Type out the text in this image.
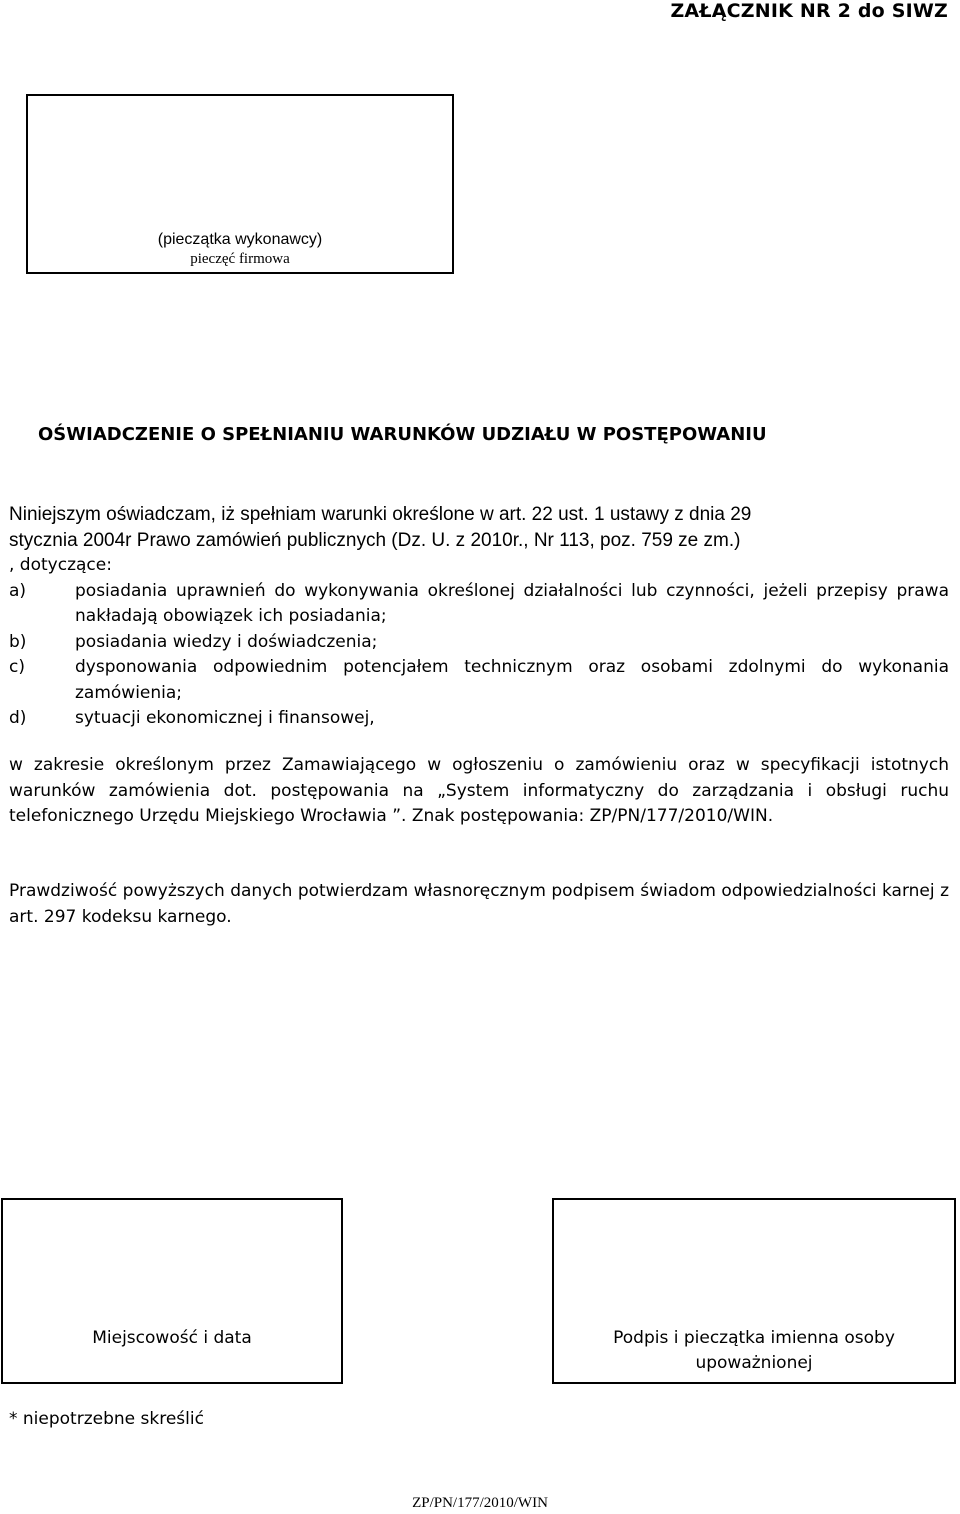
ZAŁĄCZNIK NR 2 do SIWZ
(pieczątka wykonawcy)
pieczęć firmowa
OŚWIADCZENIE O SPEŁNIANIU WARUNKÓW UDZIAŁU W POSTĘPOWANIU

Niniejszym oświadczam, iż spełniam warunki określone w art. 22 ust. 1 ustawy z dnia 29

stycznia 2004r Prawo zamówień publicznych (Dz. U. z 2010r., Nr 113, poz. 759 ze zm.)

, dotyczące:

a)	posiadania uprawnień do wykonywania określonej działalności lub czynności, jeżeli przepisy prawa nakładają obowiązek ich posiadania;
b)	posiadania wiedzy i doświadczenia;
c)	dysponowania odpowiednim potencjałem technicznym oraz osobami zdolnymi do wykonania zamówienia;
d)	sytuacji ekonomicznej i finansowej,
w zakresie określonym przez Zamawiającego w ogłoszeniu o zamówieniu oraz w specyfikacji istotnych warunków zamówienia dot. postępowania na „System informatyczny do zarządzania i obsługi ruchu telefonicznego Urzędu Miejskiego Wrocławia ”. Znak postępowania: ZP/PN/177/2010/WIN.
Prawdziwość powyższych danych potwierdzam własnoręcznym podpisem świadom odpowiedzialności karnej z art. 297 kodeksu karnego.
Miejscowość i data	Podpis i pieczątka imienna osoby upoważnionej
* niepotrzebne skreślić
ZP/PN/177/2010/WIN
